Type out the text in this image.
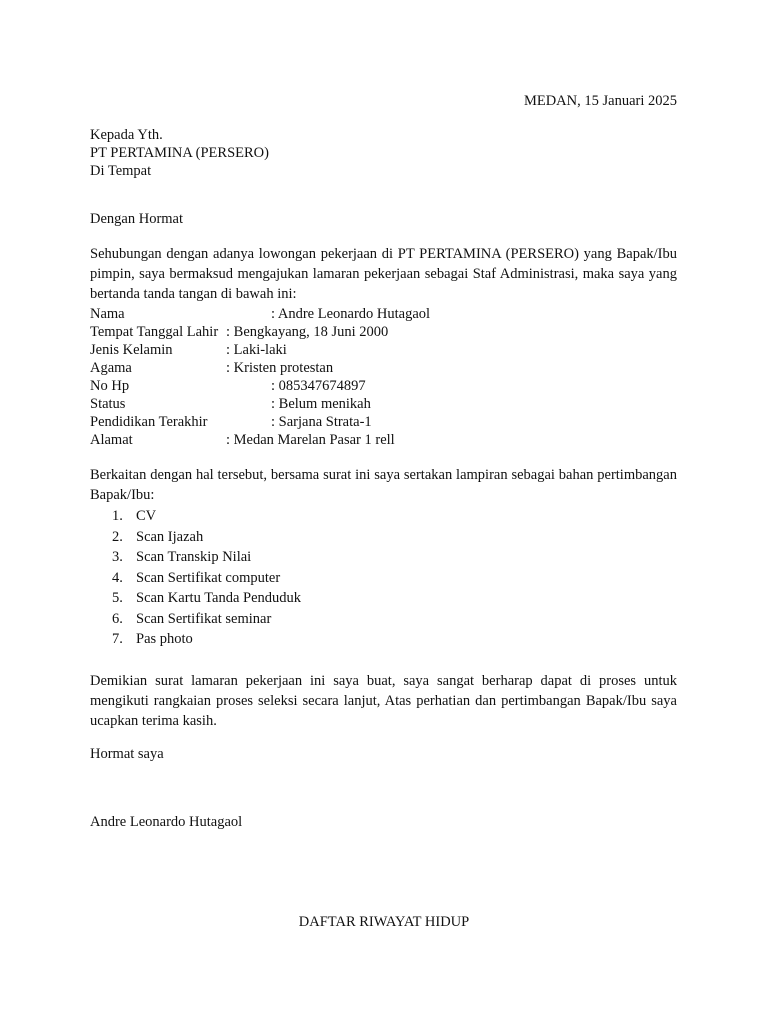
MEDAN, 15 Januari 2025
Kepada Yth.
PT PERTAMINA (PERSERO)
Di Tempat
Dengan Hormat
Sehubungan dengan adanya lowongan pekerjaan di PT PERTAMINA (PERSERO) yang Bapak/Ibu pimpin, saya bermaksud mengajukan lamaran pekerjaan sebagai Staf Administrasi, maka saya yang bertanda tanda tangan di bawah ini:
Nama	: Andre Leonardo Hutagaol
Tempat Tanggal Lahir : Bengkayang, 18 Juni 2000
Jenis Kelamin	: Laki-laki
Agama	: Kristen protestan
No Hp	: 085347674897
Status	: Belum menikah
Pendidikan Terakhir	: Sarjana Strata-1
Alamat	: Medan Marelan Pasar 1 rell
Berkaitan dengan hal tersebut, bersama surat ini saya sertakan lampiran sebagai bahan pertimbangan Bapak/Ibu:
1. CV
2. Scan Ijazah
3. Scan Transkip Nilai
4. Scan Sertifikat computer
5. Scan Kartu Tanda Penduduk
6. Scan Sertifikat seminar
7. Pas photo
Demikian surat lamaran pekerjaan ini saya buat, saya sangat berharap dapat di proses untuk mengikuti rangkaian proses seleksi secara lanjut, Atas perhatian dan pertimbangan Bapak/Ibu saya ucapkan terima kasih.
Hormat saya
Andre Leonardo Hutagaol
DAFTAR RIWAYAT HIDUP
